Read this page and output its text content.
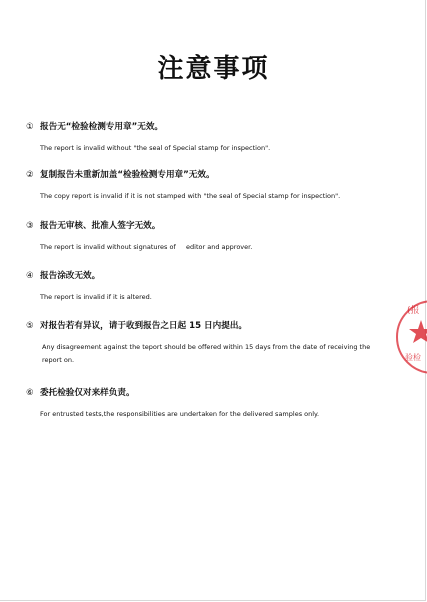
注意事项
① 报告无“检验检测专用章”无效。
The report is invalid without "the seal of Special stamp for inspection".
② 复制报告未重新加盖“检验检测专用章”无效。
The copy report is invalid if it is not stamped with "the seal of Special stamp for inspection".
③ 报告无审核、批准人签字无效。
The report is invalid without signatures of     editor and approver.
④ 报告涂改无效。
The report is invalid if it is altered.
⑤ 对报告若有异议，请于收到报告之日起 15 日内提出。
Any disagreement against the teport should be offered within 15 days from the date of receiving the report on.
⑥ 委托检验仅对来样负责。
For entrusted tests,the responsibilities are undertaken for the delivered samples only.
(报
验检
